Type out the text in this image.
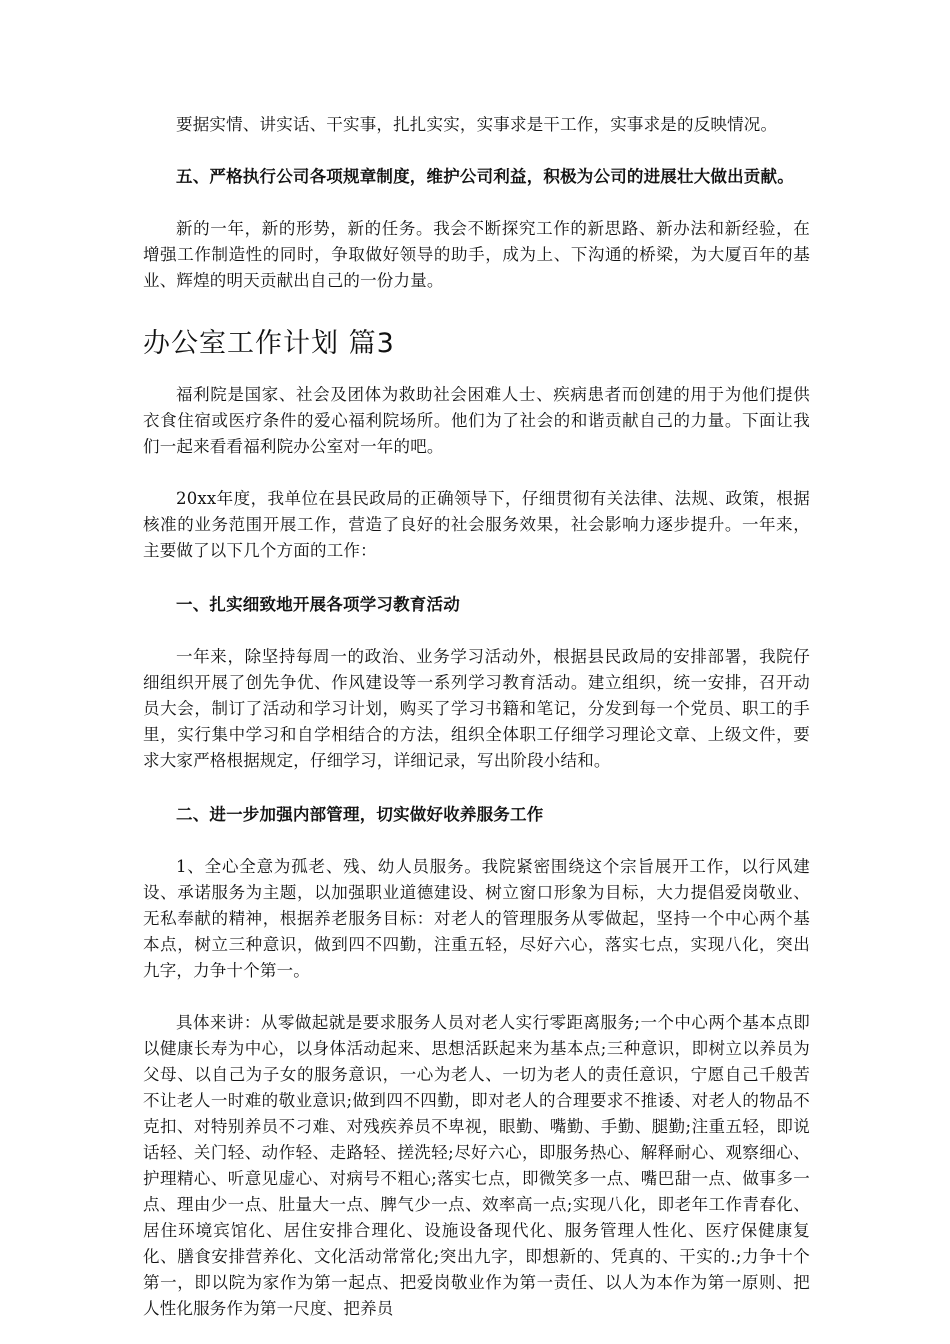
要据实情、讲实话、干实事，扎扎实实，实事求是干工作，实事求是的反映情况。

五、严格执行公司各项规章制度，维护公司利益，积极为公司的进展壮大做出贡献。

新的一年，新的形势，新的任务。我会不断探究工作的新思路、新办法和新经验，在增强工作制造性的同时，争取做好领导的助手，成为上、下沟通的桥梁，为大厦百年的基业、辉煌的明天贡献出自己的一份力量。

办公室工作计划 篇3

福利院是国家、社会及团体为救助社会困难人士、疾病患者而创建的用于为他们提供衣食住宿或医疗条件的爱心福利院场所。他们为了社会的和谐贡献自己的力量。下面让我们一起来看看福利院办公室对一年的吧。

20xx年度，我单位在县民政局的正确领导下，仔细贯彻有关法律、法规、政策，根据核准的业务范围开展工作，营造了良好的社会服务效果，社会影响力逐步提升。一年来，主要做了以下几个方面的工作：

一、扎实细致地开展各项学习教育活动

一年来，除坚持每周一的政治、业务学习活动外，根据县民政局的安排部署，我院仔细组织开展了创先争优、作风建设等一系列学习教育活动。建立组织，统一安排，召开动员大会，制订了活动和学习计划，购买了学习书籍和笔记，分发到每一个党员、职工的手里，实行集中学习和自学相结合的方法，组织全体职工仔细学习理论文章、上级文件，要求大家严格根据规定，仔细学习，详细记录，写出阶段小结和。

二、进一步加强内部管理，切实做好收养服务工作

1、全心全意为孤老、残、幼人员服务。我院紧密围绕这个宗旨展开工作，以行风建设、承诺服务为主题，以加强职业道德建设、树立窗口形象为目标，大力提倡爱岗敬业、无私奉献的精神，根据养老服务目标：对老人的管理服务从零做起，坚持一个中心两个基本点，树立三种意识，做到四不四勤，注重五轻，尽好六心，落实七点，实现八化，突出九字，力争十个第一。

具体来讲：从零做起就是要求服务人员对老人实行零距离服务;一个中心两个基本点即以健康长寿为中心，以身体活动起来、思想活跃起来为基本点;三种意识，即树立以养员为父母、以自己为子女的服务意识，一心为老人、一切为老人的责任意识，宁愿自己千般苦不让老人一时难的敬业意识;做到四不四勤，即对老人的合理要求不推诿、对老人的物品不克扣、对特别养员不刁难、对残疾养员不卑视，眼勤、嘴勤、手勤、腿勤;注重五轻，即说话轻、关门轻、动作轻、走路轻、搓洗轻;尽好六心，即服务热心、解释耐心、观察细心、护理精心、听意见虚心、对病号不粗心;落实七点，即微笑多一点、嘴巴甜一点、做事多一点、理由少一点、肚量大一点、脾气少一点、效率高一点;实现八化，即老年工作青春化、居住环境宾馆化、居住安排合理化、设施设备现代化、服务管理人性化、医疗保健康复化、膳食安排营养化、文化活动常常化;突出九字，即想新的、凭真的、干实的.;力争十个第一，即以院为家作为第一起点、把爱岗敬业作为第一责任、以人为本作为第一原则、把人性化服务作为第一尺度、把养员
